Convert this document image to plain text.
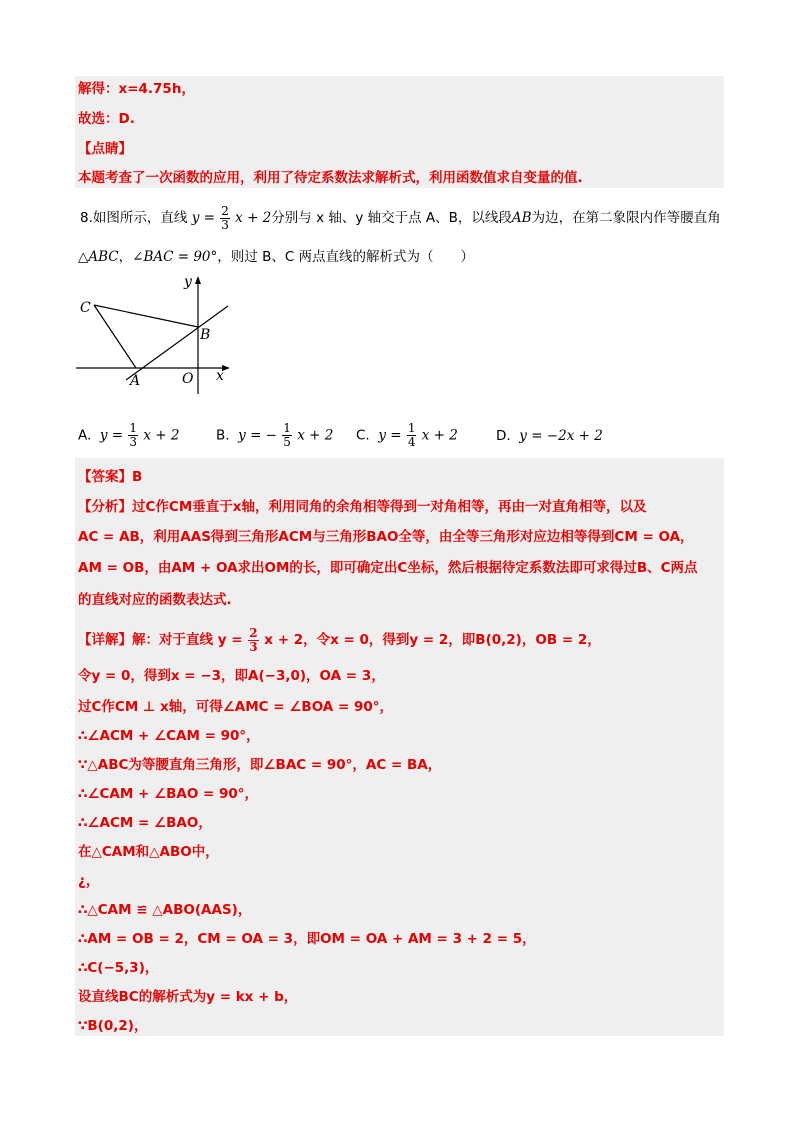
解得：x=4.75h，
故选：D.
【点睛】
本题考查了一次函数的应用，利用了待定系数法求解析式，利用函数值求自变量的值.
8.如图所示，直线 $y = \frac{2}{3}$ x + 2分别与 x 轴、y 轴交于点 A、B，以线段AB为边，在第二象限内作等腰直角
△ABC，∠BAC = 90°，则过 B、C 两点直线的解析式为（　　）
y
C
B
A	O x
A. $y = \frac{1}{3}$ x + 2	B. y = − $\frac{1}{5}$ x + 2 C. $y = \frac{1}{4}$ x + 2	D. y = −2x + 2
【答案】B
【分析】过C作CM垂直于x轴，利用同角的余角相等得到一对角相等，再由一对直角相等，以及
AC = AB，利用AAS得到三角形ACM与三角形BAO全等，由全等三角形对应边相等得到CM = OA，
AM = OB，由AM + OA求出OM的长，即可确定出C坐标，然后根据待定系数法即可求得过B、C两点
的直线对应的函数表达式.
【详解】解：对于直线 $y = \frac{2}{3}$ x + 2，令x = 0，得到y = 2，即B(0,2)，OB = 2，
令y = 0，得到x = −3，即A(−3,0)，OA = 3，
过C作CM ⊥ x轴，可得∠AMC = ∠BOA = 90°，
∴∠ACM + ∠CAM = 90°，
∵△ABC为等腰直角三角形，即∠BAC = 90°，AC = BA，
∴∠CAM + ∠BAO = 90°，
∴∠ACM = ∠BAO，
在△CAM和△ABO中，
¿，
∴△CAM ≌ △ABO(AAS)，
∴AM = OB = 2，CM = OA = 3，即OM = OA + AM = 3 + 2 = 5，
∴C(−5,3)，
设直线BC的解析式为y = kx + b，
∵B(0,2)，
